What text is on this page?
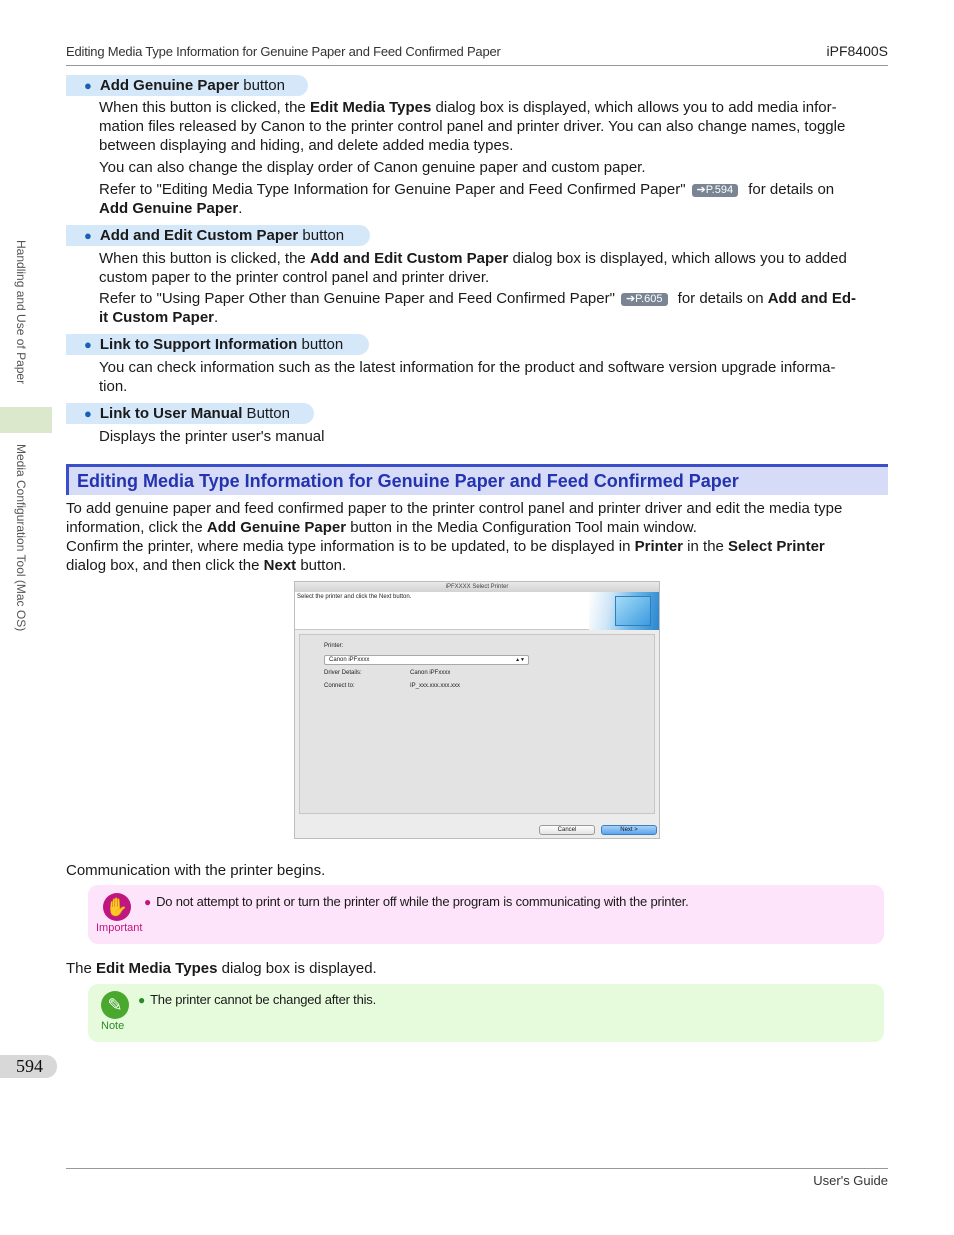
Editing Media Type Information for Genuine Paper and Feed Confirmed Paper	iPF8400S
Handling and Use of Paper
Media Configuration Tool (Mac OS)
● Add Genuine Paper button
When this button is clicked, the Edit Media Types dialog box is displayed, which allows you to add media infor-
mation files released by Canon to the printer control panel and printer driver. You can also change names, toggle
between displaying and hiding, and delete added media types.
You can also change the display order of Canon genuine paper and custom paper.
Refer to "Editing Media Type Information for Genuine Paper and Feed Confirmed Paper" ➔P.594 for details on
Add Genuine Paper.
● Add and Edit Custom Paper button
When this button is clicked, the Add and Edit Custom Paper dialog box is displayed, which allows you to added
custom paper to the printer control panel and printer driver.
Refer to "Using Paper Other than Genuine Paper and Feed Confirmed Paper" ➔P.605 for details on Add and Ed-
it Custom Paper.
● Link to Support Information button
You can check information such as the latest information for the product and software version upgrade informa-
tion.
● Link to User Manual Button
Displays the printer user's manual
Editing Media Type Information for Genuine Paper and Feed Confirmed Paper
To add genuine paper and feed confirmed paper to the printer control panel and printer driver and edit the media type
information, click the Add Genuine Paper button in the Media Configuration Tool main window.
Confirm the printer, where media type information is to be updated, to be displayed in Printer in the Select Printer
dialog box, and then click the Next button.
iPFXXXX Select Printer
Select the printer and click the Next button.
Printer:
Canon iPFxxxx	▲▼
Driver Details:	Canon iPFxxxx
Connect to:	IP_xxx.xxx.xxx.xxx
Cancel	Next >
Communication with the printer begins.
✋
Important
● Do not attempt to print or turn the printer off while the program is communicating with the printer.
The Edit Media Types dialog box is displayed.
✎
Note
● The printer cannot be changed after this.
594
User's Guide
